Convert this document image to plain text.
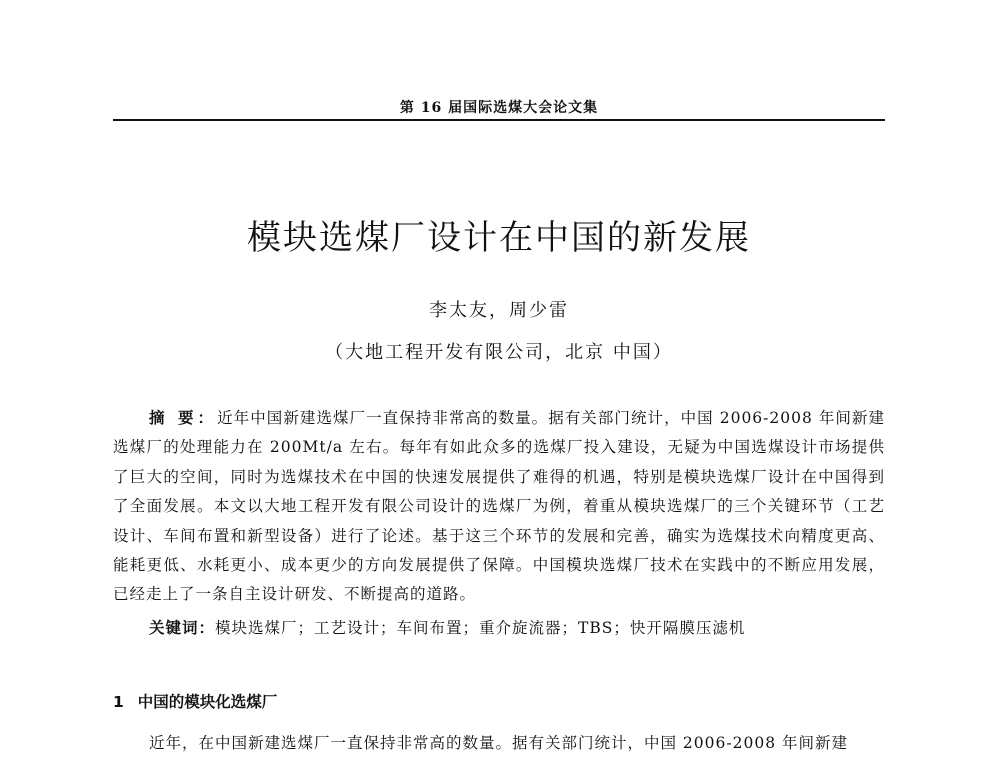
第 16 届国际选煤大会论文集
模块选煤厂设计在中国的新发展
李太友，周少雷
（大地工程开发有限公司，北京 中国）
摘 要：近年中国新建选煤厂一直保持非常高的数量。据有关部门统计，中国 2006-2008 年间新建选煤厂的处理能力在 200Mt/a 左右。每年有如此众多的选煤厂投入建设，无疑为中国选煤设计市场提供了巨大的空间，同时为选煤技术在中国的快速发展提供了难得的机遇，特别是模块选煤厂设计在中国得到了全面发展。本文以大地工程开发有限公司设计的选煤厂为例，着重从模块选煤厂的三个关键环节（工艺设计、车间布置和新型设备）进行了论述。基于这三个环节的发展和完善，确实为选煤技术向精度更高、能耗更低、水耗更小、成本更少的方向发展提供了保障。中国模块选煤厂技术在实践中的不断应用发展，已经走上了一条自主设计研发、不断提高的道路。
关键词：模块选煤厂；工艺设计；车间布置；重介旋流器；TBS；快开隔膜压滤机
1 中国的模块化选煤厂
近年，在中国新建选煤厂一直保持非常高的数量。据有关部门统计，中国 2006-2008 年间新建
